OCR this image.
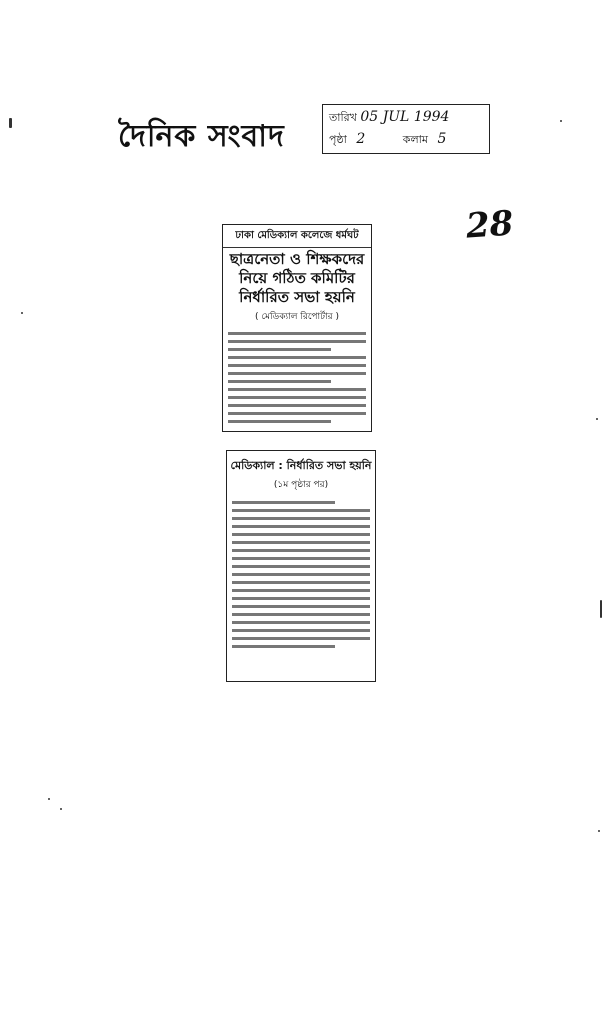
দৈনিক সংবাদ
তারিখ 05 JUL 1994
পৃষ্ঠা 2	কলাম 5
28
ঢাকা মেডিক্যাল কলেজে ধর্মঘট
ছাত্রনেতা ও শিক্ষকদের নিয়ে গঠিত কমিটির নির্ধারিত সভা হয়নি
( মেডিক্যাল রিপোর্টার )
মেডিক্যাল : নির্ধারিত সভা হয়নি
(১ম পৃষ্ঠার পর)
